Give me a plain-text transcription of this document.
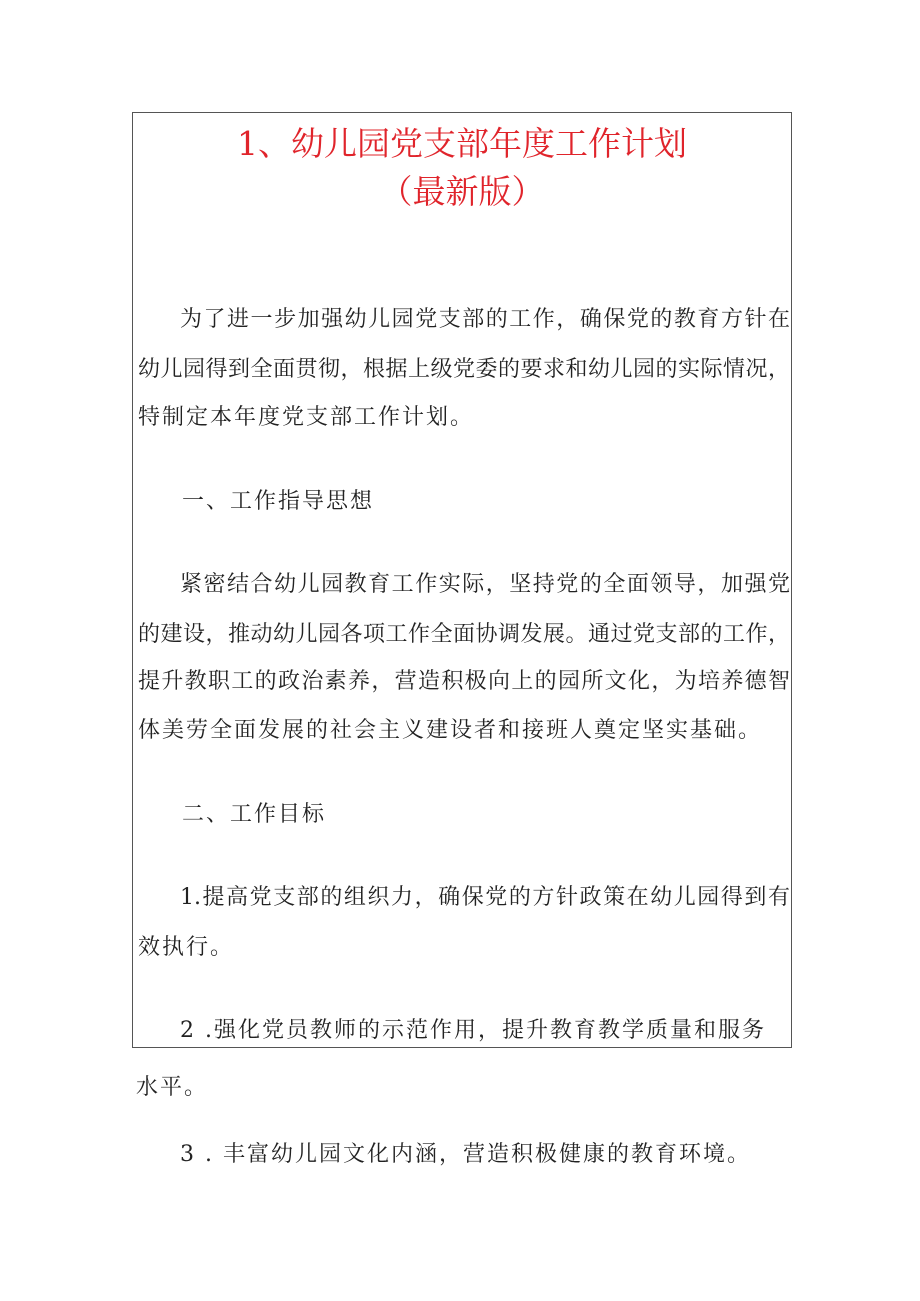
1、幼儿园党支部年度工作计划
（最新版）
为了进一步加强幼儿园党支部的工作，确保党的教育方针在
幼儿园得到全面贯彻，根据上级党委的要求和幼儿园的实际情况，
特制定本年度党支部工作计划。
一、工作指导思想
紧密结合幼儿园教育工作实际，坚持党的全面领导，加强党
的建设，推动幼儿园各项工作全面协调发展。通过党支部的工作，
提升教职工的政治素养，营造积极向上的园所文化，为培养德智
体美劳全面发展的社会主义建设者和接班人奠定坚实基础。
二、工作目标
1.提高党支部的组织力，确保党的方针政策在幼儿园得到有
效执行。
2 .强化党员教师的示范作用，提升教育教学质量和服务
水平。
3 . 丰富幼儿园文化内涵，营造积极健康的教育环境。
